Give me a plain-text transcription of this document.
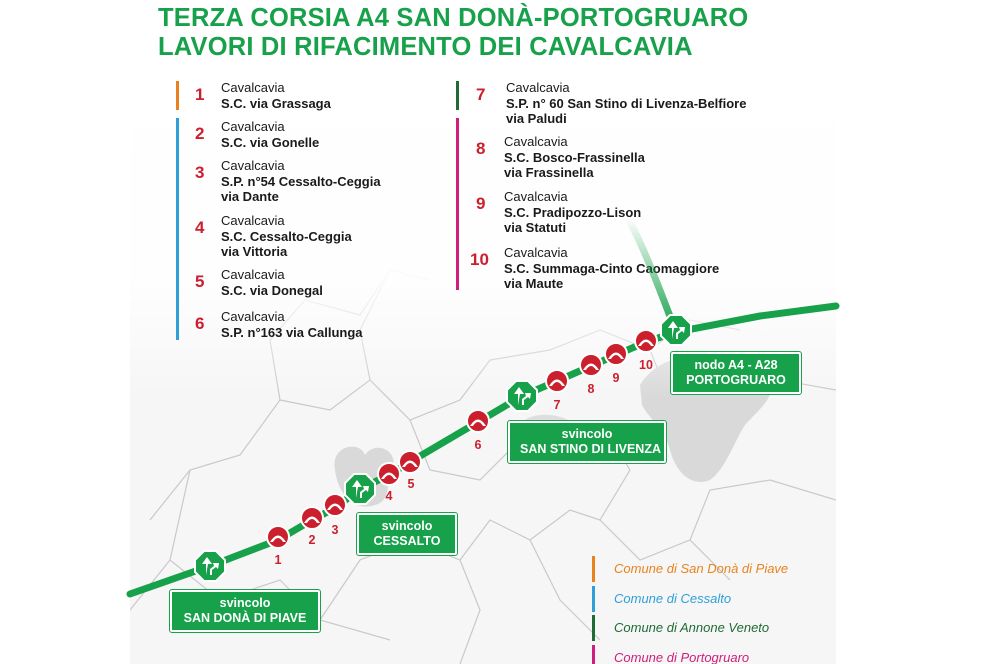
TERZA CORSIA A4 SAN DONÀ-PORTOGRUARO
LAVORI DI RIFACIMENTO DEI CAVALCAVIA
1	Cavalcavia
S.C. via Grassaga
2	Cavalcavia
S.C. via Gonelle
3	Cavalcavia
S.P. n°54 Cessalto-Ceggia
via Dante
4	Cavalcavia
S.C. Cessalto-Ceggia
via Vittoria
5	Cavalcavia
S.C. via Donegal
6	Cavalcavia
S.P. n°163 via Callunga
7	Cavalcavia
S.P. n° 60 San Stino di Livenza-Belfiore
via Paludi
8	Cavalcavia
S.C. Bosco-Frassinella
via Frassinella
9	Cavalcavia
S.C. Pradipozzo-Lison
via Statuti
10	Cavalcavia
S.C. Summaga-Cinto Caomaggiore
via Maute
1
2
3
4
5
6
7
8
9
10
svincolo
SAN DONÀ DI PIAVE
svincolo
CESSALTO
svincolo
SAN STINO DI LIVENZA
nodo A4 - A28
PORTOGRUARO
Comune di San Donà di Piave
Comune di Cessalto
Comune di Annone Veneto
Comune di Portogruaro
